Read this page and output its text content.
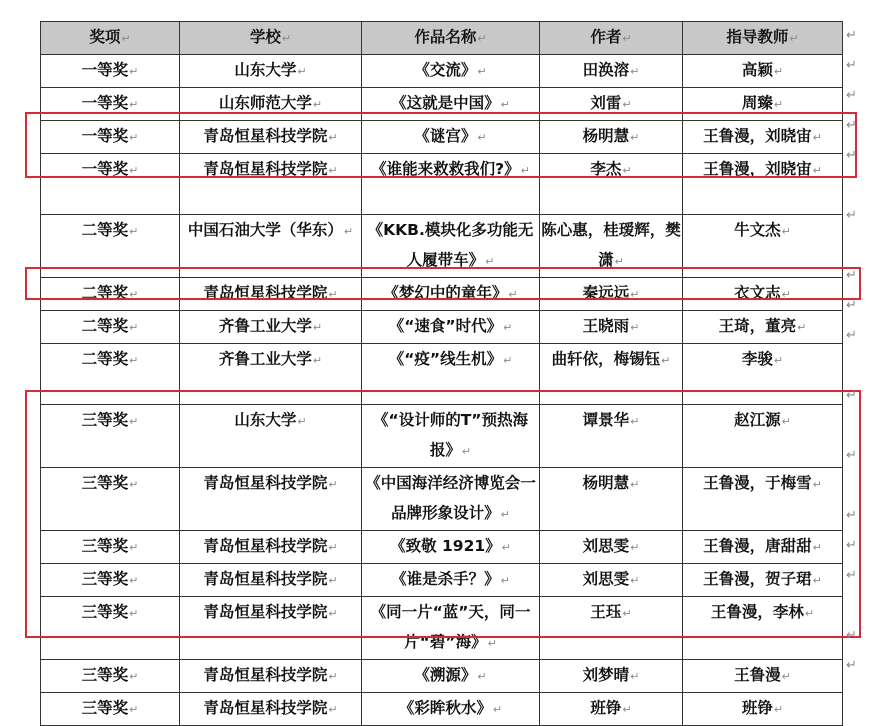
奖项↵	学校↵	作品名称↵	作者↵	指导教师↵
一等奖↵	山东大学↵	《交流》↵	田涣溶↵	高颖↵
一等奖↵	山东师范大学↵	《这就是中国》↵	刘雷↵	周臻↵
一等奖↵	青岛恒星科技学院↵	《谜宫》↵	杨明慧↵	王鲁漫，刘晓宙↵
一等奖↵	青岛恒星科技学院↵	《谁能来救救我们?》↵	李杰↵	王鲁漫，刘晓宙↵
二等奖↵	中国石油大学（华东）↵	《KKB.模块化多功能无人履带车》↵	陈心惠，桂瑷辉，樊潇↵	牛文杰↵
二等奖↵	青岛恒星科技学院↵	《梦幻中的童年》↵	秦远远↵	衣文志↵
二等奖↵	齐鲁工业大学↵	《“速食”时代》↵	王晓雨↵	王琦，董亮↵
二等奖↵	齐鲁工业大学↵	《“疫”线生机》↵	曲轩依，梅锡钰↵	李骏↵
三等奖↵	山东大学↵	《“设计师的T”预热海报》↵	谭景华↵	赵江源↵
三等奖↵	青岛恒星科技学院↵	《中国海洋经济博览会一品牌形象设计》↵	杨明慧↵	王鲁漫，于梅雪↵
三等奖↵	青岛恒星科技学院↵	《致敬 1921》↵	刘思雯↵	王鲁漫，唐甜甜↵
三等奖↵	青岛恒星科技学院↵	《谁是杀手？》↵	刘思雯↵	王鲁漫，贺子珺↵
三等奖↵	青岛恒星科技学院↵	《同一片“蓝”天，同一片“碧”海》↵	王珏↵	王鲁漫，李林↵
三等奖↵	青岛恒星科技学院↵	《溯源》↵	刘梦晴↵	王鲁漫↵
三等奖↵	青岛恒星科技学院↵	《彩眸秋水》↵	班铮↵	班铮↵
↵
↵
↵
↵
↵
↵
↵
↵
↵
↵
↵
↵
↵
↵
↵
↵
